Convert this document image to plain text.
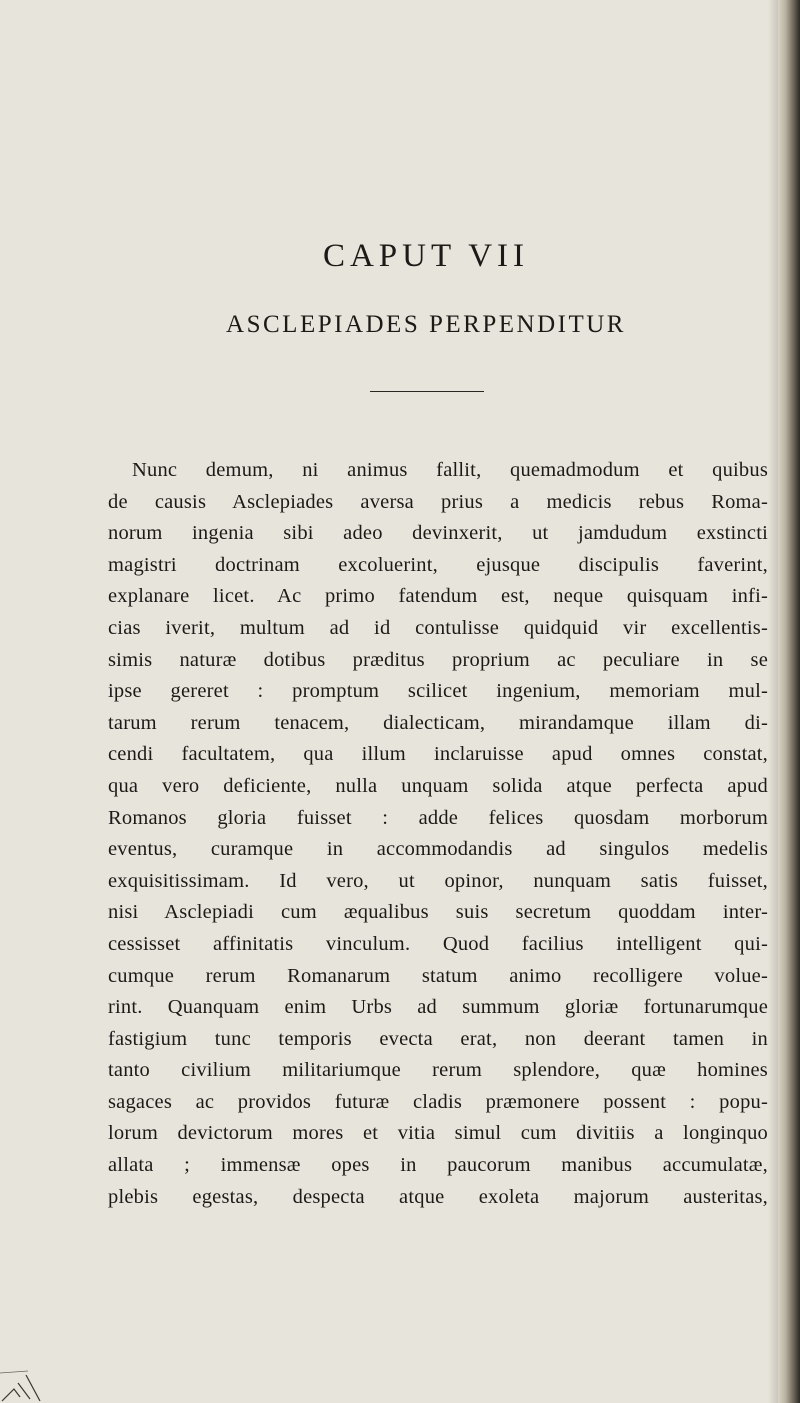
CAPUT VII
ASCLEPIADES PERPENDITUR
Nunc demum, ni animus fallit, quemadmodum et quibus
de causis Asclepiades aversa prius a medicis rebus Roma-
norum ingenia sibi adeo devinxerit, ut jamdudum exstincti
magistri doctrinam excoluerint, ejusque discipulis faverint,
explanare licet. Ac primo fatendum est, neque quisquam infi-
cias iverit, multum ad id contulisse quidquid vir excellentis-
simis naturæ dotibus præditus proprium ac peculiare in se
ipse gereret : promptum scilicet ingenium, memoriam mul-
tarum rerum tenacem, dialecticam, mirandamque illam di-
cendi facultatem, qua illum inclaruisse apud omnes constat,
qua vero deficiente, nulla unquam solida atque perfecta apud
Romanos gloria fuisset : adde felices quosdam morborum
eventus, curamque in accommodandis ad singulos medelis
exquisitissimam. Id vero, ut opinor, nunquam satis fuisset,
nisi Asclepiadi cum æqualibus suis secretum quoddam inter-
cessisset affinitatis vinculum. Quod facilius intelligent qui-
cumque rerum Romanarum statum animo recolligere volue-
rint. Quanquam enim Urbs ad summum gloriæ fortunarumque
fastigium tunc temporis evecta erat, non deerant tamen in
tanto civilium militariumque rerum splendore, quæ homines
sagaces ac providos futuræ cladis præmonere possent : popu-
lorum devictorum mores et vitia simul cum divitiis a longinquo
allata ; immensæ opes in paucorum manibus accumulatæ,
plebis egestas, despecta atque exoleta majorum austeritas,
